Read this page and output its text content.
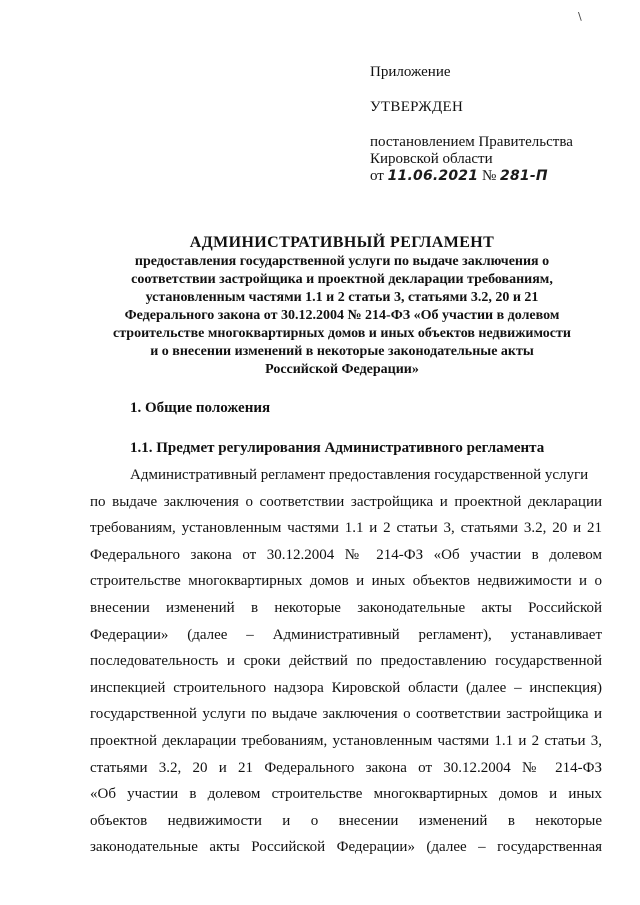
\

Приложение

УТВЕРЖДЕН

постановлением Правительства

Кировской области

от 11.06.2021 № 281-П

АДМИНИСТРАТИВНЫЙ РЕГЛАМЕНТ

предоставления государственной услуги по выдаче заключения о

соответствии застройщика и проектной декларации требованиям,

установленным частями 1.1 и 2 статьи 3, статьями 3.2, 20 и 21

Федерального закона от 30.12.2004 № 214-ФЗ «Об участии в долевом

строительстве многоквартирных домов и иных объектов недвижимости

и о внесении изменений в некоторые законодательные акты

Российской Федерации»

1. Общие положения

1.1. Предмет регулирования Административного регламента

Административный регламент предоставления государственной услуги
по выдаче заключения о соответствии застройщика и проектной декларации
требованиям, установленным частями 1.1 и 2 статьи 3, статьями 3.2, 20 и 21
Федерального закона от 30.12.2004 № 214-ФЗ «Об участии в долевом
строительстве многоквартирных домов и иных объектов недвижимости и о
внесении изменений в некоторые законодательные акты Российской
Федерации» (далее – Административный регламент), устанавливает
последовательность и сроки действий по предоставлению государственной
инспекцией строительного надзора Кировской области (далее – инспекция)
государственной услуги по выдаче заключения о соответствии застройщика и
проектной декларации требованиям, установленным частями 1.1 и 2 статьи 3,
статьями 3.2, 20 и 21 Федерального закона от 30.12.2004 № 214-ФЗ
«Об участии в долевом строительстве многоквартирных домов и иных
объектов недвижимости и о внесении изменений в некоторые
законодательные акты Российской Федерации» (далее – государственная
